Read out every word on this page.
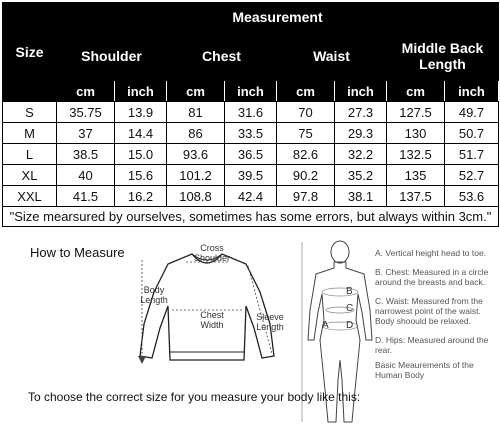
Size	Measurement							
	Shoulder		Chest		Waist		Middle Back Length	
	cm	inch	cm	inch	cm	inch	cm	inch
S	35.75	13.9	81	31.6	70	27.3	127.5	49.7
M	37	14.4	86	33.5	75	29.3	130	50.7
L	38.5	15.0	93.6	36.5	82.6	32.2	132.5	51.7
XL	40	15.6	101.2	39.5	90.2	35.2	135	52.7
XXL	41.5	16.2	108.8	42.4	97.8	38.1	137.5	53.6
"Size mearsured by ourselves, sometimes has some errors, but always within 3cm."								
How to Measure	Cross Shoulder
Body Length
Chest Width
Sleeve Length	A
B
C
D
A. Vertical height head to toe.
B. Chest: Measured in a circle around the breasts and back.
C. Waist: Measured from the narrowest point of the waist. Body shoould be relaxed.
D. Hips: Measured around the rear.
Basic Meaurements of the Human Body
To choose the correct size for you measure your body like this:
